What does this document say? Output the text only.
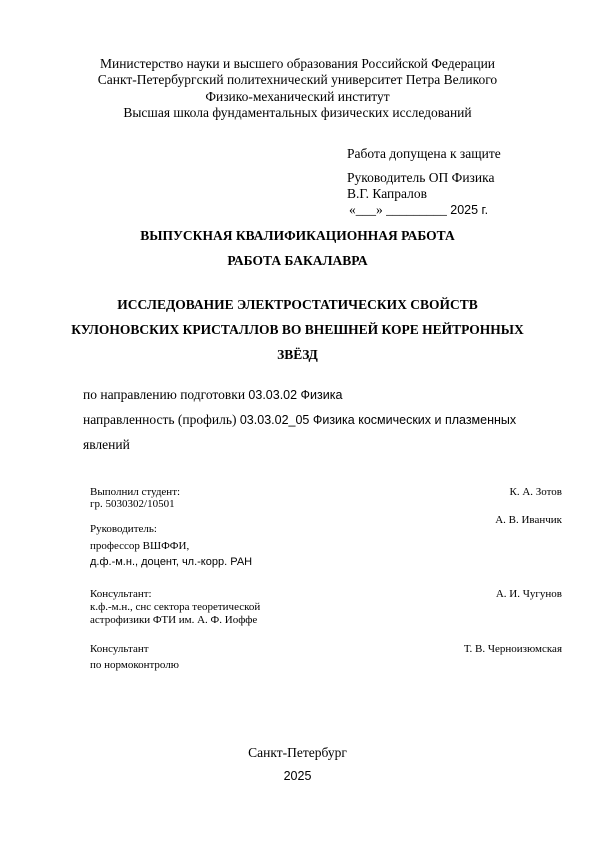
Министерство науки и высшего образования Российской Федерации
Санкт-Петербургский политехнический университет Петра Великого
Физико-механический институт
Высшая школа фундаментальных физических исследований
Работа допущена к защите
Руководитель ОП Физика
В.Г. Капралов
«___» _________ 2025 г.
ВЫПУСКНАЯ КВАЛИФИКАЦИОННАЯ РАБОТА
РАБОТА БАКАЛАВРА
ИССЛЕДОВАНИЕ ЭЛЕКТРОСТАТИЧЕСКИХ СВОЙСТВ
КУЛОНОВСКИХ КРИСТАЛЛОВ ВО ВНЕШНЕЙ КОРЕ НЕЙТРОННЫХ
ЗВЁЗД
по направлению подготовки 03.03.02 Физика
направленность (профиль) 03.03.02_05 Физика космических и плазменных
явлений
Выполнил студент:
гр. 5030302/10501
К. А. Зотов
А. В. Иванчик
Руководитель:
профессор ВШФФИ,
д.ф.-м.н., доцент, чл.-корр. РАН
Консультант:
к.ф.-м.н., снс сектора теоретической
астрофизики ФТИ им. А. Ф. Иоффе
А. И. Чугунов
Консультант
по нормоконтролю
Т. В. Черноизюмская
Санкт-Петербург
2025
